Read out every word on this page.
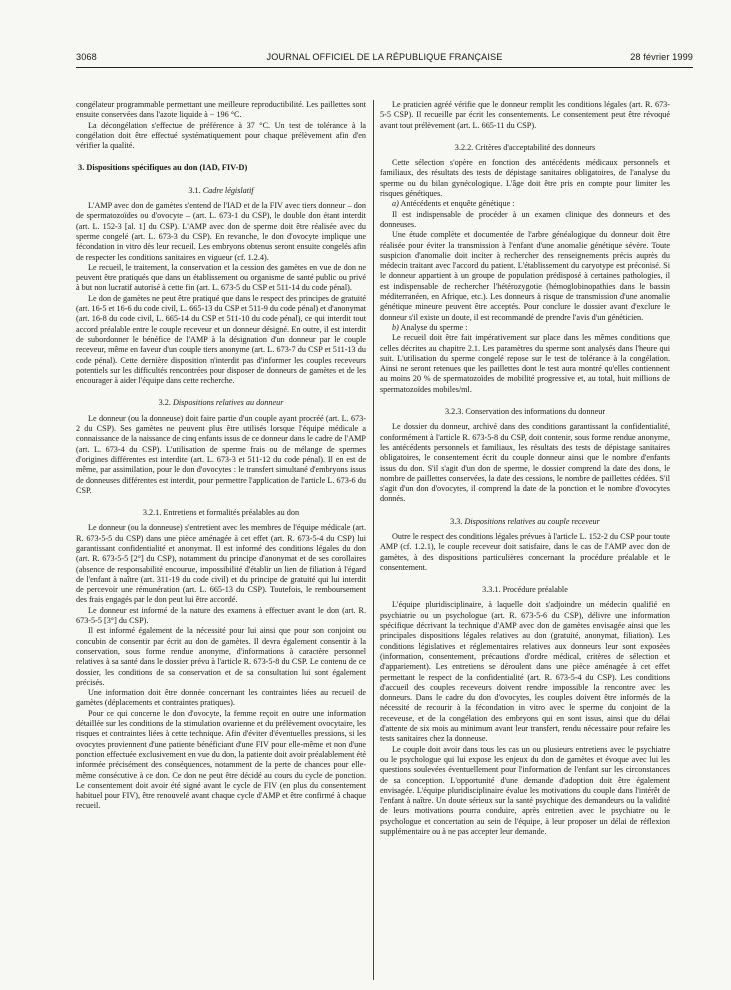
3068	JOURNAL OFFICIEL DE LA RÉPUBLIQUE FRANÇAISE	28 février 1999

congélateur programmable permettant une meilleure reproductibilité. Les paillettes sont ensuite conservées dans l'azote liquide à − 196 °C.

La décongélation s'effectue de préférence à 37 °C. Un test de tolérance à la congélation doit être effectué systématiquement pour chaque prélèvement afin d'en vérifier la qualité.

3. Dispositions spécifiques au don (IAD, FIV-D)
3.1. Cadre législatif

L'AMP avec don de gamètes s'entend de l'IAD et de la FIV avec tiers donneur – don de spermatozoïdes ou d'ovocyte – (art. L. 673-1 du CSP), le double don étant interdit (art. L. 152-3 [al. 1] du CSP). L'AMP avec don de sperme doit être réalisée avec du sperme congelé (art. L. 673-3 du CSP). En revanche, le don d'ovocyte implique une fécondation in vitro dès leur recueil. Les embryons obtenus seront ensuite congelés afin de respecter les conditions sanitaires en vigueur (cf. 1.2.4).

Le recueil, le traitement, la conservation et la cession des gamètes en vue de don ne peuvent être pratiqués que dans un établissement ou organisme de santé public ou privé à but non lucratif autorisé à cette fin (art. L. 673-5 du CSP et 511-14 du code pénal).

Le don de gamètes ne peut être pratiqué que dans le respect des principes de gratuité (art. 16-5 et 16-6 du code civil, L. 665-13 du CSP et 511-9 du code pénal) et d'anonymat (art. 16-8 du code civil, L. 665-14 du CSP et 511-10 du code pénal), ce qui interdit tout accord préalable entre le couple receveur et un donneur désigné. En outre, il est interdit de subordonner le bénéfice de l'AMP à la désignation d'un donneur par le couple receveur, même en faveur d'un couple tiers anonyme (art. L. 673-7 du CSP et 511-13 du code pénal). Cette dernière disposition n'interdit pas d'informer les couples receveurs potentiels sur les difficultés rencontrées pour disposer de donneurs de gamètes et de les encourager à aider l'équipe dans cette recherche.

3.2. Dispositions relatives au donneur

Le donneur (ou la donneuse) doit faire partie d'un couple ayant procréé (art. L. 673-2 du CSP). Ses gamètes ne peuvent plus être utilisés lorsque l'équipe médicale a connaissance de la naissance de cinq enfants issus de ce donneur dans le cadre de l'AMP (art. L. 673-4 du CSP). L'utilisation de sperme frais ou de mélange de spermes d'origines différentes est interdite (art. L. 673-3 et 511-12 du code pénal). Il en est de même, par assimilation, pour le don d'ovocytes : le transfert simultané d'embryons issus de donneuses différentes est interdit, pour permettre l'application de l'article L. 673-6 du CSP.

3.2.1. Entretiens et formalités préalables au don

Le donneur (ou la donneuse) s'entretient avec les membres de l'équipe médicale (art. R. 673-5-5 du CSP) dans une pièce aménagée à cet effet (art. R. 673-5-4 du CSP) lui garantissant confidentialité et anonymat. Il est informé des conditions légales du don (art. R. 673-5-5 [2°] du CSP), notamment du principe d'anonymat et de ses corollaires (absence de responsabilité encourue, impossibilité d'établir un lien de filiation à l'égard de l'enfant à naître (art. 311-19 du code civil) et du principe de gratuité qui lui interdit de percevoir une rémunération (art. L. 665-13 du CSP). Toutefois, le remboursement des frais engagés par le don peut lui être accordé.

Le donneur est informé de la nature des examens à effectuer avant le don (art. R. 673-5-5 [3°] du CSP).

Il est informé également de la nécessité pour lui ainsi que pour son conjoint ou concubin de consentir par écrit au don de gamètes. Il devra également consentir à la conservation, sous forme rendue anonyme, d'informations à caractère personnel relatives à sa santé dans le dossier prévu à l'article R. 673-5-8 du CSP. Le contenu de ce dossier, les conditions de sa conservation et de sa consultation lui sont également précisés.

Une information doit être donnée concernant les contraintes liées au recueil de gamètes (déplacements et contraintes pratiques).

Pour ce qui concerne le don d'ovocyte, la femme reçoit en outre une information détaillée sur les conditions de la stimulation ovarienne et du prélèvement ovocytaire, les risques et contraintes liées à cette technique. Afin d'éviter d'éventuelles pressions, si les ovocytes proviennent d'une patiente bénéficiant d'une FIV pour elle-même et non d'une ponction effectuée exclusivement en vue du don, la patiente doit avoir préalablement été informée précisément des conséquences, notamment de la perte de chances pour elle-même consécutive à ce don. Ce don ne peut être décidé au cours du cycle de ponction. Le consentement doit avoir été signé avant le cycle de FIV (en plus du consentement habituel pour FIV), être renouvelé avant chaque cycle d'AMP et être confirmé à chaque recueil.

Le praticien agréé vérifie que le donneur remplit les conditions légales (art. R. 673-5-5 CSP). Il recueille par écrit les consentements. Le consentement peut être révoqué avant tout prélèvement (art. L. 665-11 du CSP).

3.2.2. Critères d'acceptabilité des donneurs

Cette sélection s'opère en fonction des antécédents médicaux personnels et familiaux, des résultats des tests de dépistage sanitaires obligatoires, de l'analyse du sperme ou du bilan gynécologique. L'âge doit être pris en compte pour limiter les risques génétiques.

a) Antécédents et enquête génétique :

Il est indispensable de procéder à un examen clinique des donneurs et des donneuses.

Une étude complète et documentée de l'arbre généalogique du donneur doit être réalisée pour éviter la transmission à l'enfant d'une anomalie génétique sévère. Toute suspicion d'anomalie doit inciter à rechercher des renseignements précis auprès du médecin traitant avec l'accord du patient. L'établissement du caryotype est préconisé. Si le donneur appartient à un groupe de population prédisposé à certaines pathologies, il est indispensable de rechercher l'hétérozygotie (hémoglobinopathies dans le bassin méditerranéen, en Afrique, etc.). Les donneurs à risque de transmission d'une anomalie génétique mineure peuvent être acceptés. Pour conclure le dossier avant d'exclure le donneur s'il existe un doute, il est recommandé de prendre l'avis d'un généticien.

b) Analyse du sperme :

Le recueil doit être fait impérativement sur place dans les mêmes conditions que celles décrites au chapitre 2.1. Les paramètres du sperme sont analysés dans l'heure qui suit. L'utilisation du sperme congelé repose sur le test de tolérance à la congélation. Ainsi ne seront retenues que les paillettes dont le test aura montré qu'elles contiennent au moins 20 % de spermatozoïdes de mobilité progressive et, au total, huit millions de spermatozoïdes mobiles/ml.

3.2.3. Conservation des informations du donneur

Le dossier du donneur, archivé dans des conditions garantissant la confidentialité, conformément à l'article R. 673-5-8 du CSP, doit contenir, sous forme rendue anonyme, les antécédents personnels et familiaux, les résultats des tests de dépistage sanitaires obligatoires, le consentement écrit du couple donneur ainsi que le nombre d'enfants issus du don. S'il s'agit d'un don de sperme, le dossier comprend la date des dons, le nombre de paillettes conservées, la date des cessions, le nombre de paillettes cédées. S'il s'agit d'un don d'ovocytes, il comprend la date de la ponction et le nombre d'ovocytes donnés.

3.3. Dispositions relatives au couple receveur

Outre le respect des conditions légales prévues à l'article L. 152-2 du CSP pour toute AMP (cf. 1.2.1), le couple receveur doit satisfaire, dans le cas de l'AMP avec don de gamètes, à des dispositions particulières concernant la procédure préalable et le consentement.

3.3.1. Procédure préalable

L'équipe pluridisciplinaire, à laquelle doit s'adjoindre un médecin qualifié en psychiatrie ou un psychologue (art. R. 673-5-6 du CSP), délivre une information spécifique décrivant la technique d'AMP avec don de gamètes envisagée ainsi que les principales dispositions légales relatives au don (gratuité, anonymat, filiation). Les conditions législatives et réglementaires relatives aux donneurs leur sont exposées (information, consentement, précautions d'ordre médical, critères de sélection et d'appariement). Les entretiens se déroulent dans une pièce aménagée à cet effet permettant le respect de la confidentialité (art. R. 673-5-4 du CSP). Les conditions d'accueil des couples receveurs doivent rendre impossible la rencontre avec les donneurs. Dans le cadre du don d'ovocytes, les couples doivent être informés de la nécessité de recourir à la fécondation in vitro avec le sperme du conjoint de la receveuse, et de la congélation des embryons qui en sont issus, ainsi que du délai d'attente de six mois au minimum avant leur transfert, rendu nécessaire pour refaire les tests sanitaires chez la donneuse.

Le couple doit avoir dans tous les cas un ou plusieurs entretiens avec le psychiatre ou le psychologue qui lui expose les enjeux du don de gamètes et évoque avec lui les questions soulevées éventuellement pour l'information de l'enfant sur les circonstances de sa conception. L'opportunité d'une demande d'adoption doit être également envisagée. L'équipe pluridisciplinaire évalue les motivations du couple dans l'intérêt de l'enfant à naître. Un doute sérieux sur la santé psychique des demandeurs ou la validité de leurs motivations pourra conduire, après entretien avec le psychiatre ou le psychologue et concertation au sein de l'équipe, à leur proposer un délai de réflexion supplémentaire ou à ne pas accepter leur demande.
